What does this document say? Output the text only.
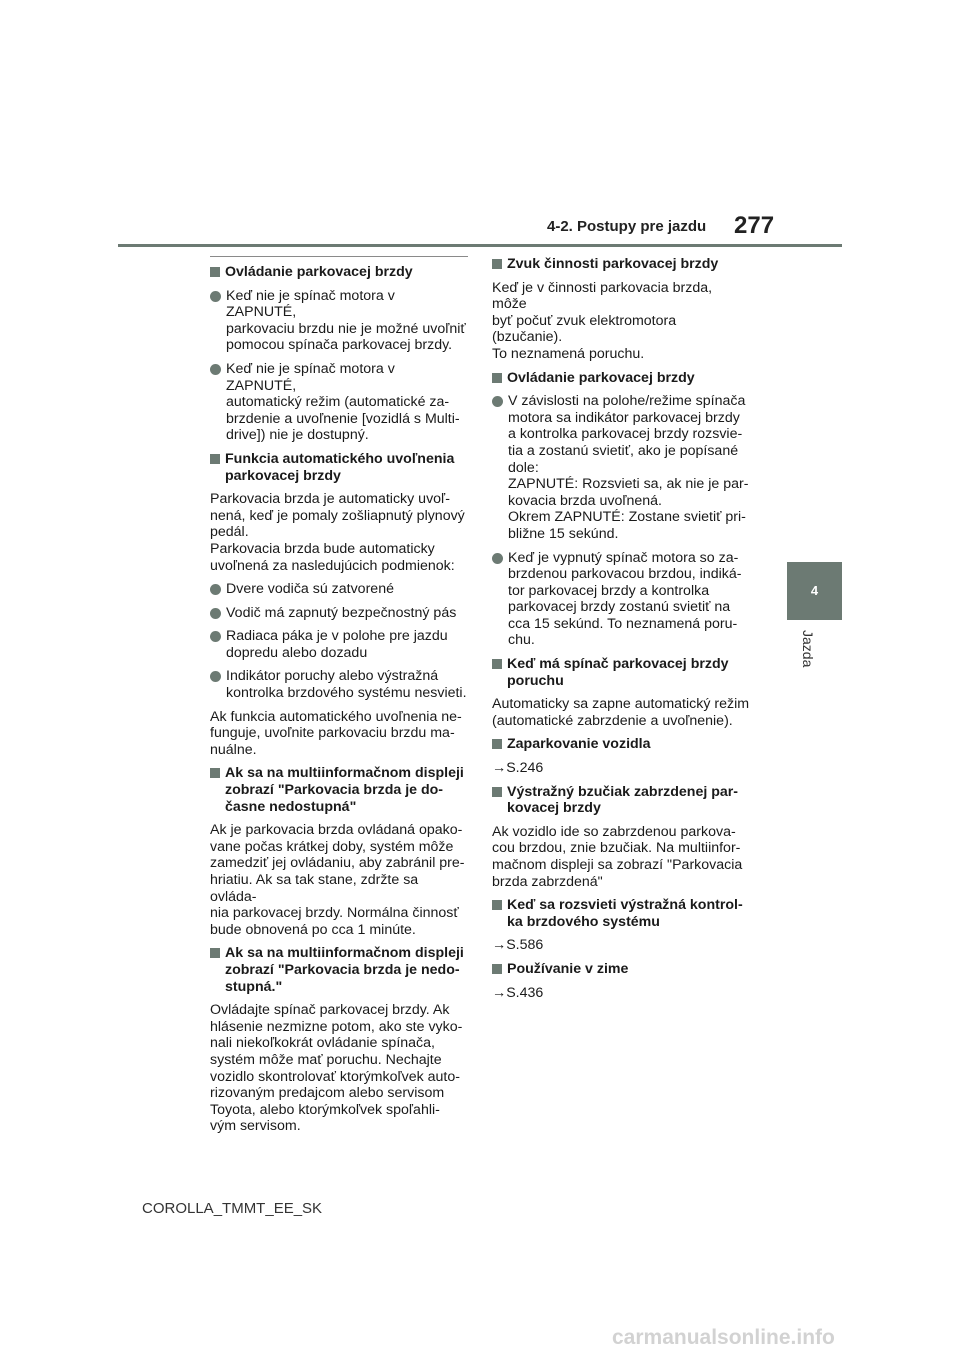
4-2. Postupy pre jazdu 277
4
Jazda
Ovládanie parkovacej brzdy
Keď nie je spínač motora v ZAPNUTÉ,
parkovaciu brzdu nie je možné uvoľniť
pomocou spínača parkovacej brzdy.
Keď nie je spínač motora v ZAPNUTÉ,
automatický režim (automatické za-
brzdenie a uvoľnenie [vozidlá s Multi-
drive]) nie je dostupný.
Funkcia automatického uvoľnenia
parkovacej brzdy
Parkovacia brzda je automaticky uvoľ-
nená, keď je pomaly zošliapnutý plynový
pedál.
Parkovacia brzda bude automaticky
uvoľnená za nasledujúcich podmienok:
Dvere vodiča sú zatvorené
Vodič má zapnutý bezpečnostný pás
Radiaca páka je v polohe pre jazdu
dopredu alebo dozadu
Indikátor poruchy alebo výstražná
kontrolka brzdového systému nesvieti.
Ak funkcia automatického uvoľnenia ne-
funguje, uvoľnite parkovaciu brzdu ma-
nuálne.
Ak sa na multiinformačnom displeji
zobrazí "Parkovacia brzda je do-
časne nedostupná"
Ak je parkovacia brzda ovládaná opako-
vane počas krátkej doby, systém môže
zamedziť jej ovládaniu, aby zabránil pre-
hriatiu. Ak sa tak stane, zdržte sa ovláda-
nia parkovacej brzdy. Normálna činnosť
bude obnovená po cca 1 minúte.
Ak sa na multiinformačnom displeji
zobrazí "Parkovacia brzda je nedo-
stupná."
Ovládajte spínač parkovacej brzdy. Ak
hlásenie nezmizne potom, ako ste vyko-
nali niekoľkokrát ovládanie spínača,
systém môže mať poruchu. Nechajte
vozidlo skontrolovať ktorýmkoľvek auto-
rizovaným predajcom alebo servisom
Toyota, alebo ktorýmkoľvek spoľahli-
vým servisom.
Zvuk činnosti parkovacej brzdy
Keď je v činnosti parkovacia brzda, môže
byť počuť zvuk elektromotora (bzučanie).
To neznamená poruchu.
Ovládanie parkovacej brzdy
V závislosti na polohe/režime spínača
motora sa indikátor parkovacej brzdy
a kontrolka parkovacej brzdy rozsvie-
tia a zostanú svietiť, ako je popísané
dole:
ZAPNUTÉ: Rozsvieti sa, ak nie je par-
kovacia brzda uvoľnená.
Okrem ZAPNUTÉ: Zostane svietiť pri-
bližne 15 sekúnd.
Keď je vypnutý spínač motora so za-
brzdenou parkovacou brzdou, indiká-
tor parkovacej brzdy a kontrolka
parkovacej brzdy zostanú svietiť na
cca 15 sekúnd. To neznamená poru-
chu.
Keď má spínač parkovacej brzdy
poruchu
Automaticky sa zapne automatický režim
(automatické zabrzdenie a uvoľnenie).
Zaparkovanie vozidla
→S.246
Výstražný bzučiak zabrzdenej par-
kovacej brzdy
Ak vozidlo ide so zabrzdenou parkova-
cou brzdou, znie bzučiak. Na multiinfor-
mačnom displeji sa zobrazí "Parkovacia
brzda zabrzdená"
Keď sa rozsvieti výstražná kontrol-
ka brzdového systému
→S.586
Používanie v zime
→S.436
COROLLA_TMMT_EE_SK
carmanualsonline.info
